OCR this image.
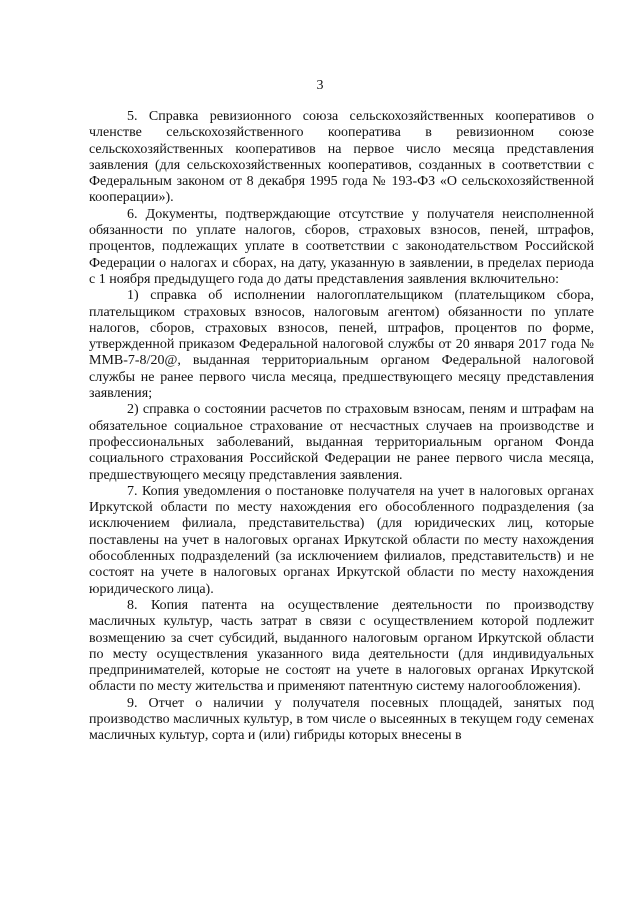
3

5. Справка ревизионного союза сельскохозяйственных кооперативов о членстве сельскохозяйственного кооператива в ревизионном союзе сельскохозяйственных кооперативов на первое число месяца представления заявления (для сельскохозяйственных кооперативов, созданных в соответствии с Федеральным законом от 8 декабря 1995 года № 193-ФЗ «О сельскохозяйственной кооперации»).

6. Документы, подтверждающие отсутствие у получателя неисполненной обязанности по уплате налогов, сборов, страховых взносов, пеней, штрафов, процентов, подлежащих уплате в соответствии с законодательством Российской Федерации о налогах и сборах, на дату, указанную в заявлении, в пределах периода с 1 ноября предыдущего года до даты представления заявления включительно:

1) справка об исполнении налогоплательщиком (плательщиком сбора, плательщиком страховых взносов, налоговым агентом) обязанности по уплате налогов, сборов, страховых взносов, пеней, штрафов, процентов по форме, утвержденной приказом Федеральной налоговой службы от 20 января 2017 года № ММВ-7-8/20@, выданная территориальным органом Федеральной налоговой службы не ранее первого числа месяца, предшествующего месяцу представления заявления;

2) справка о состоянии расчетов по страховым взносам, пеням и штрафам на обязательное социальное страхование от несчастных случаев на производстве и профессиональных заболеваний, выданная территориальным органом Фонда социального страхования Российской Федерации не ранее первого числа месяца, предшествующего месяцу представления заявления.

7. Копия уведомления о постановке получателя на учет в налоговых органах Иркутской области по месту нахождения его обособленного подразделения (за исключением филиала, представительства) (для юридических лиц, которые поставлены на учет в налоговых органах Иркутской области по месту нахождения обособленных подразделений (за исключением филиалов, представительств) и не состоят на учете в налоговых органах Иркутской области по месту нахождения юридического лица).

8. Копия патента на осуществление деятельности по производству масличных культур, часть затрат в связи с осуществлением которой подлежит возмещению за счет субсидий, выданного налоговым органом Иркутской области по месту осуществления указанного вида деятельности (для индивидуальных предпринимателей, которые не состоят на учете в налоговых органах Иркутской области по месту жительства и применяют патентную систему налогообложения).

9. Отчет о наличии у получателя посевных площадей, занятых под производство масличных культур, в том числе о высеянных в текущем году семенах масличных культур, сорта и (или) гибриды которых внесены в
